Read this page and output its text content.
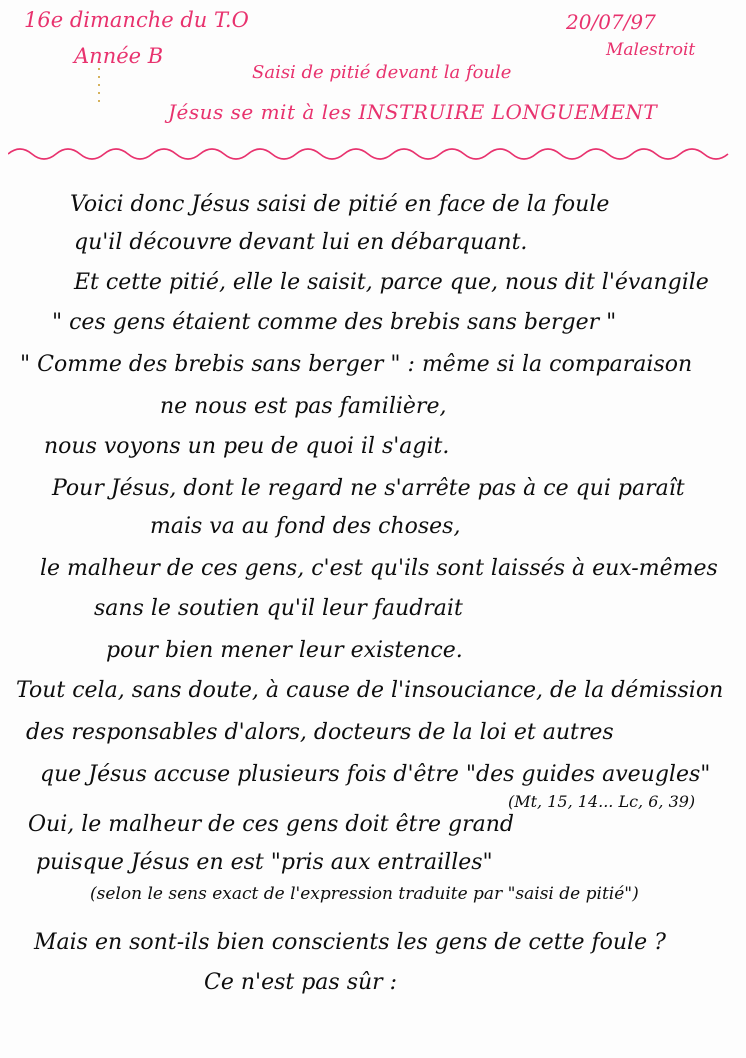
16e dimanche du T.O
Année B
20/07/97
Malestroit
Saisi de pitié devant la foule
Jésus se mit à les INSTRUIRE LONGUEMENT
Voici donc Jésus saisi de pitié en face de la foule
qu'il découvre devant lui en débarquant.
Et cette pitié, elle le saisit, parce que, nous dit l'évangile
" ces gens étaient comme des brebis sans berger "
" Comme des brebis sans berger " : même si la comparaison
ne nous est pas familière,
nous voyons un peu de quoi il s'agit.
Pour Jésus, dont le regard ne s'arrête pas à ce qui paraît
mais va au fond des choses,
le malheur de ces gens, c'est qu'ils sont laissés à eux-mêmes
sans le soutien qu'il leur faudrait
pour bien mener leur existence.
Tout cela, sans doute, à cause de l'insouciance, de la démission
des responsables d'alors, docteurs de la loi et autres
que Jésus accuse plusieurs fois d'être "des guides aveugles"
(Mt, 15, 14... Lc, 6, 39)
Oui, le malheur de ces gens doit être grand
puisque Jésus en est "pris aux entrailles"
(selon le sens exact de l'expression traduite par "saisi de pitié")
Mais en sont-ils bien conscients les gens de cette foule ?
Ce n'est pas sûr :
